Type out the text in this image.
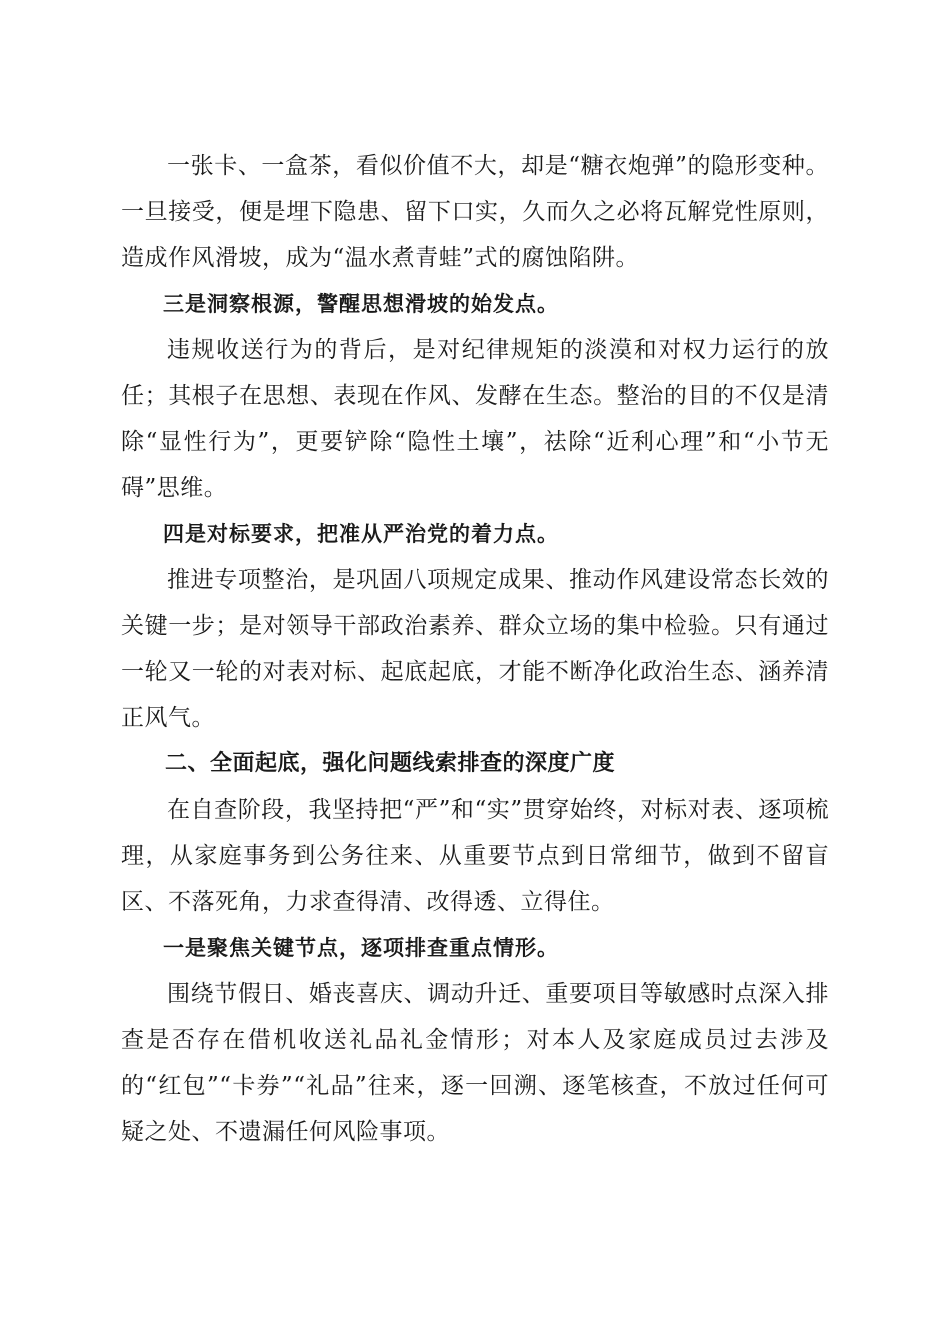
一张卡、一盒茶，看似价值不大，却是“糖衣炮弹”的隐形变种。一旦接受，便是埋下隐患、留下口实，久而久之必将瓦解党性原则，造成作风滑坡，成为“温水煮青蛙”式的腐蚀陷阱。

三是洞察根源，警醒思想滑坡的始发点。

违规收送行为的背后，是对纪律规矩的淡漠和对权力运行的放任；其根子在思想、表现在作风、发酵在生态。整治的目的不仅是清除“显性行为”，更要铲除“隐性土壤”，祛除“近利心理”和“小节无碍”思维。

四是对标要求，把准从严治党的着力点。

推进专项整治，是巩固八项规定成果、推动作风建设常态长效的关键一步；是对领导干部政治素养、群众立场的集中检验。只有通过一轮又一轮的对表对标、起底起底，才能不断净化政治生态、涵养清正风气。

二、全面起底，强化问题线索排查的深度广度

在自查阶段，我坚持把“严”和“实”贯穿始终，对标对表、逐项梳理，从家庭事务到公务往来、从重要节点到日常细节，做到不留盲区、不落死角，力求查得清、改得透、立得住。

一是聚焦关键节点，逐项排查重点情形。

围绕节假日、婚丧喜庆、调动升迁、重要项目等敏感时点深入排查是否存在借机收送礼品礼金情形；对本人及家庭成员过去涉及的“红包”“卡券”“礼品”往来，逐一回溯、逐笔核查，不放过任何可疑之处、不遗漏任何风险事项。
